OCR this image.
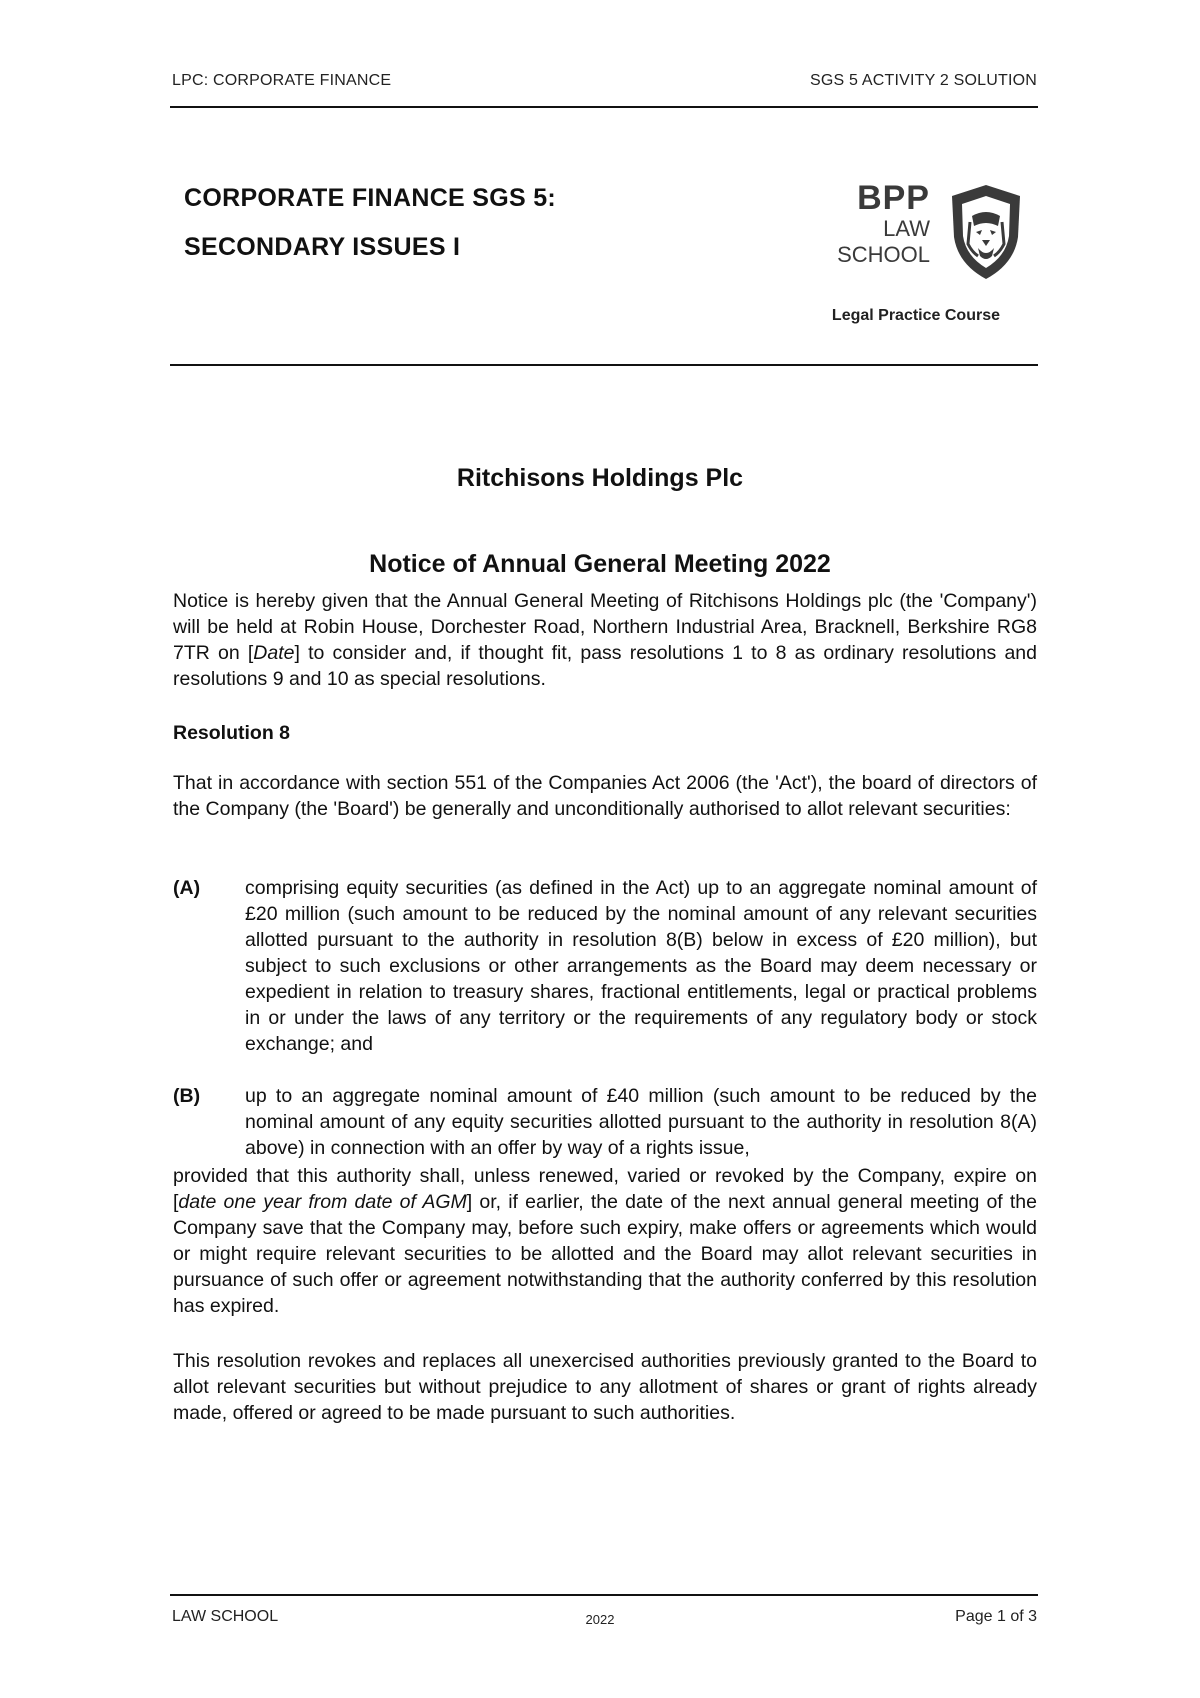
LPC: CORPORATE FINANCE	SGS 5 ACTIVITY 2 SOLUTION
CORPORATE FINANCE SGS 5:
SECONDARY ISSUES I
BPP
LAW
SCHOOL
Legal Practice Course
Ritchisons Holdings Plc
Notice of Annual General Meeting 2022
Notice is hereby given that the Annual General Meeting of Ritchisons Holdings plc (the 'Company') will be held at Robin House, Dorchester Road, Northern Industrial Area, Bracknell, Berkshire RG8 7TR on [Date] to consider and, if thought fit, pass resolutions 1 to 8 as ordinary resolutions and resolutions 9 and 10 as special resolutions.
Resolution 8
That in accordance with section 551 of the Companies Act 2006 (the 'Act'), the board of directors of the Company (the 'Board') be generally and unconditionally authorised to allot relevant securities:
(A) comprising equity securities (as defined in the Act) up to an aggregate nominal amount of £20 million (such amount to be reduced by the nominal amount of any relevant securities allotted pursuant to the authority in resolution 8(B) below in excess of £20 million), but subject to such exclusions or other arrangements as the Board may deem necessary or expedient in relation to treasury shares, fractional entitlements, legal or practical problems in or under the laws of any territory or the requirements of any regulatory body or stock exchange; and
(B) up to an aggregate nominal amount of £40 million (such amount to be reduced by the nominal amount of any equity securities allotted pursuant to the authority in resolution 8(A) above) in connection with an offer by way of a rights issue,
provided that this authority shall, unless renewed, varied or revoked by the Company, expire on [date one year from date of AGM] or, if earlier, the date of the next annual general meeting of the Company save that the Company may, before such expiry, make offers or agreements which would or might require relevant securities to be allotted and the Board may allot relevant securities in pursuance of such offer or agreement notwithstanding that the authority conferred by this resolution has expired.
This resolution revokes and replaces all unexercised authorities previously granted to the Board to allot relevant securities but without prejudice to any allotment of shares or grant of rights already made, offered or agreed to be made pursuant to such authorities.
LAW SCHOOL	2022	Page 1 of 3
